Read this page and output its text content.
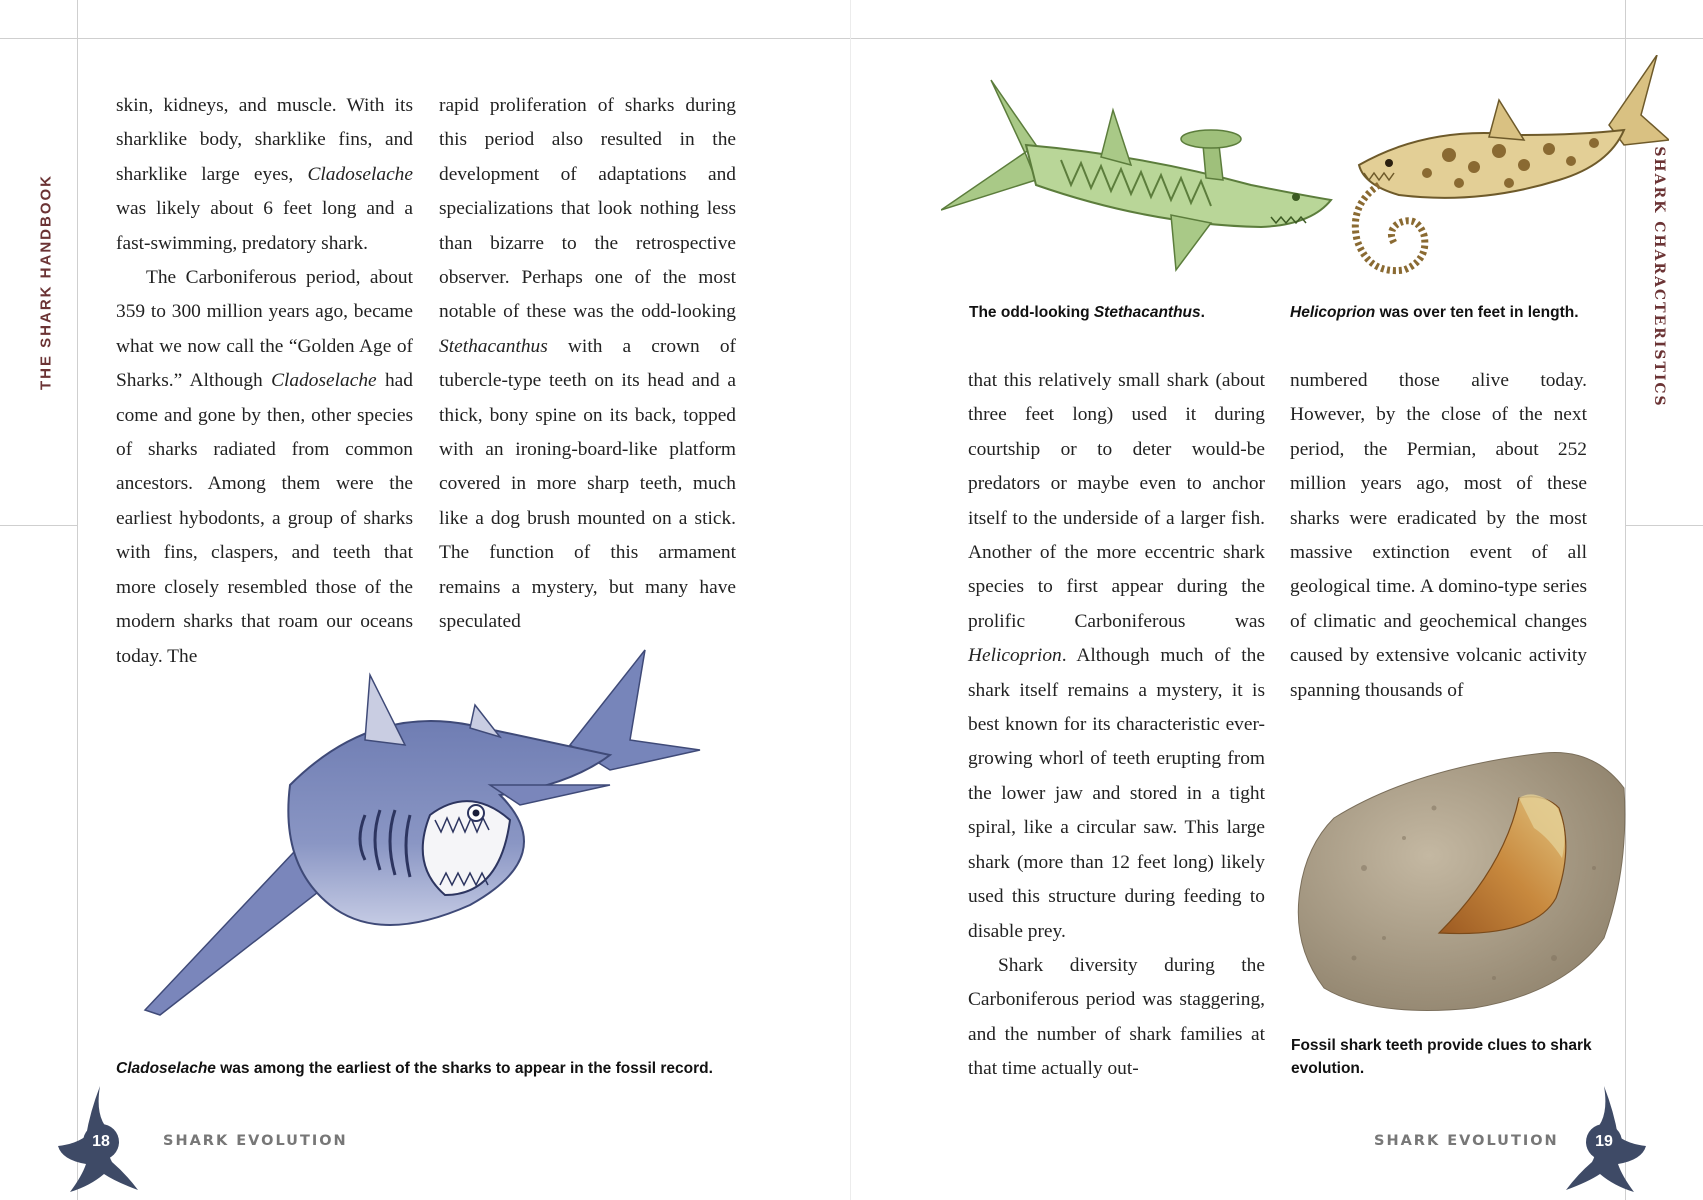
THE SHARK HANDBOOK

skin, kidneys, and muscle. With its sharklike body, sharklike fins, and sharklike large eyes, Cladoselache was likely about 6 feet long and a fast-swimming, predatory shark.

The Carboniferous period, about 359 to 300 million years ago, became what we now call the “Golden Age of Sharks.” Although Cladoselache had come and gone by then, other species of sharks radiated from common ancestors. Among them were the earliest hybodonts, a group of sharks with fins, claspers, and teeth that more closely resembled those of the modern sharks that roam our oceans today. The

rapid proliferation of sharks during this period also resulted in the development of adaptations and specializations that look nothing less than bizarre to the retrospective observer. Perhaps one of the most notable of these was the odd-looking Stethacanthus with a crown of tubercle-type teeth on its head and a thick, bony spine on its back, topped with an ironing-board-like platform covered in more sharp teeth, much like a dog brush mounted on a stick. The function of this armament remains a mystery, but many have speculated

Cladoselache was among the earliest of the sharks to appear in the fossil record.
18	SHARK EVOLUTION
The odd-looking Stethacanthus.	Helicoprion was over ten feet in length.

that this relatively small shark (about three feet long) used it during courtship or to deter would-be predators or maybe even to anchor itself to the underside of a larger fish. Another of the more eccentric shark species to first appear during the prolific Carboniferous was Helicoprion. Although much of the shark itself remains a mystery, it is best known for its characteristic ever-growing whorl of teeth erupting from the lower jaw and stored in a tight spiral, like a circular saw. This large shark (more than 12 feet long) likely used this structure during feeding to disable prey.

Shark diversity during the Carboniferous period was staggering, and the number of shark families at that time actually out-

numbered those alive today. However, by the close of the next period, the Permian, about 252 million years ago, most of these sharks were eradicated by the most massive extinction event of all geological time. A domino-type series of climatic and geochemical changes caused by extensive volcanic activity spanning thousands of

Fossil shark teeth provide clues to shark evolution.
SHARK EVOLUTION	19
SHARK CHARACTERISTICS
